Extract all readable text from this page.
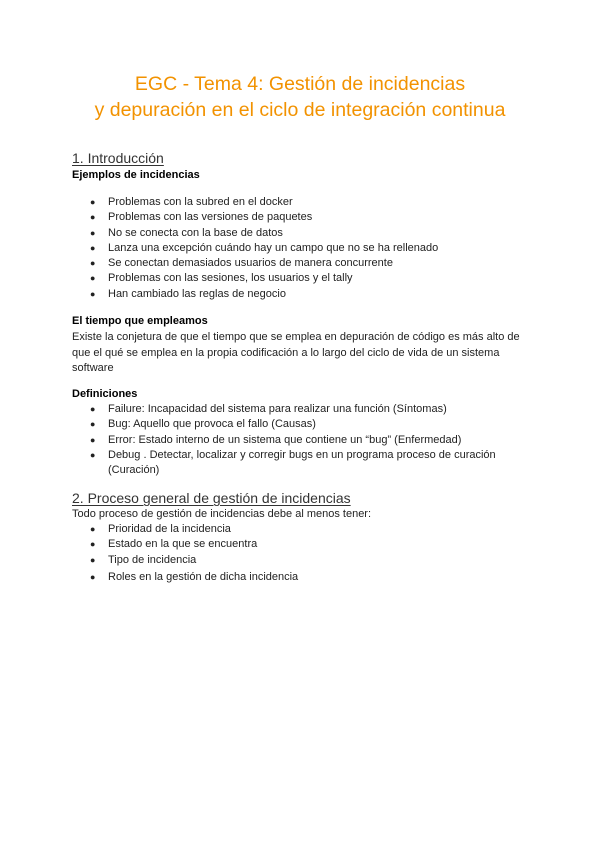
EGC - Tema 4: Gestión de incidencias
y depuración en el ciclo de integración continua
1. Introducción
Ejemplos de incidencias
● Problemas con la subred en el docker
● Problemas con las versiones de paquetes
● No se conecta con la base de datos
● Lanza una excepción cuándo hay un campo que no se ha rellenado
● Se conectan demasiados usuarios de manera concurrente
● Problemas con las sesiones, los usuarios y el tally
● Han cambiado las reglas de negocio
El tiempo que empleamos
Existe la conjetura de que el tiempo que se emplea en depuración de código es más alto de que el qué se emplea en la propia codificación a lo largo del ciclo de vida de un sistema software
Definiciones
● Failure: Incapacidad del sistema para realizar una función (Síntomas)
● Bug: Aquello que provoca el fallo (Causas)
● Error: Estado interno de un sistema que contiene un “bug” (Enfermedad)
● Debug . Detectar, localizar y corregir bugs en un programa proceso de curación (Curación)
2. Proceso general de gestión de incidencias
Todo proceso de gestión de incidencias debe al menos tener:
● Prioridad de la incidencia
● Estado en la que se encuentra
● Tipo de incidencia
● Roles en la gestión de dicha incidencia
